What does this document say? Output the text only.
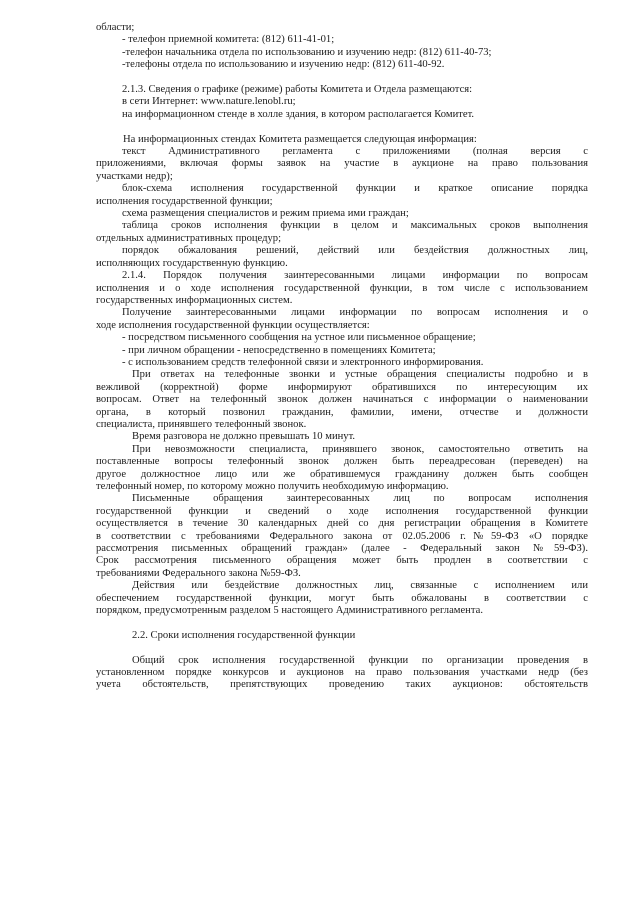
области;
- телефон приемной комитета: (812) 611-41-01;
-телефон начальника отдела по использованию и изучению недр: (812) 611-40-73;
-телефоны отдела по использованию и изучению недр: (812) 611-40-92.
2.1.3. Сведения о графике (режиме) работы Комитета и Отдела размещаются:
в сети Интернет: www.nature.lenobl.ru;
на информационном стенде в холле здания, в котором располагается Комитет.
На информационных стендах Комитета размещается следующая информация:
текст Административного регламента с приложениями (полная версия с
приложениями, включая формы заявок на участие в аукционе на право пользования
участками недр);
блок-схема исполнения государственной функции и краткое описание порядка
исполнения государственной функции;
схема размещения специалистов и режим приема ими граждан;
таблица сроков исполнения функции в целом и максимальных сроков выполнения
отдельных административных процедур;
порядок обжалования решений, действий или бездействия должностных лиц,
исполняющих государственную функцию.
2.1.4. Порядок получения заинтересованными лицами информации по вопросам
исполнения и о ходе исполнения государственной функции, в том числе с использованием
государственных информационных систем.
Получение заинтересованными лицами информации по вопросам исполнения и о
ходе исполнения государственной функции осуществляется:
- посредством письменного сообщения на устное или письменное обращение;
- при личном обращении - непосредственно в помещениях Комитета;
- с использованием средств телефонной связи и электронного информирования.
При ответах на телефонные звонки и устные обращения специалисты подробно и в
вежливой (корректной) форме информируют обратившихся по интересующим их
вопросам. Ответ на телефонный звонок должен начинаться с информации о наименовании
органа, в который позвонил гражданин, фамилии, имени, отчестве и должности
специалиста, принявшего телефонный звонок.
Время разговора не должно превышать 10 минут.
При невозможности специалиста, принявшего звонок, самостоятельно ответить на
поставленные вопросы телефонный звонок должен быть переадресован (переведен) на
другое должностное лицо или же обратившемуся гражданину должен быть сообщен
телефонный номер, по которому можно получить необходимую информацию.
Письменные обращения заинтересованных лиц по вопросам исполнения
государственной функции и сведений о ходе исполнения государственной функции
осуществляется в течение 30 календарных дней со дня регистрации обращения в Комитете
в соответствии с требованиями Федерального закона от 02.05.2006 г.№59-ФЗ «О порядке
рассмотрения письменных обращений граждан» (далее - Федеральный закон №59-ФЗ).
Срок рассмотрения письменного обращения может быть продлен в соответствии с
требованиями Федерального закона №59-ФЗ.
Действия или бездействие должностных лиц, связанные с исполнением или
обеспечением государственной функции, могут быть обжалованы в соответствии с
порядком, предусмотренным разделом 5 настоящего Административного регламента.
2.2. Сроки исполнения государственной функции
Общий срок исполнения государственной функции по организации проведения в
установленном порядке конкурсов и аукционов на право пользования участками недр (без
учета обстоятельств, препятствующих проведению таких аукционов: обстоятельств
